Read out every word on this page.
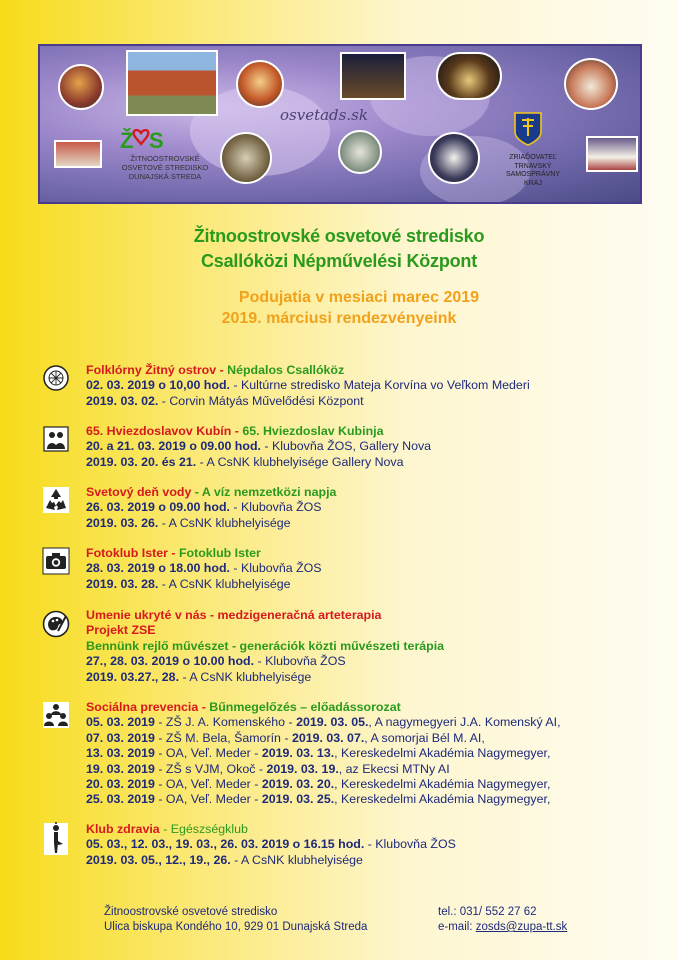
Ž S
ŽITNOOSTROVSKÉ
OSVETOVÉ STREDISKO
DUNAJSKÁ STREDA
osvetads.sk
ZRIAĎOVATEĽ
TRNAVSKÝ
SAMOSPRÁVNY
KRAJ
Žitnoostrovské osvetové stredisko
Csallóközi Népművelési Központ
Podujatia v mesiaci marec 2019
2019. márciusi rendezvényeink
Folklórny Žitný ostrov - Népdalos Csallóköz
02. 03. 2019 o 10,00 hod. - Kultúrne stredisko Mateja Korvína vo Veľkom Mederi
2019. 03. 02. - Corvin Mátyás Művelődési Központ
65. Hviezdoslavov Kubín - 65. Hviezdoslav Kubinja
20. a 21. 03. 2019 o 09.00 hod. - Klubovňa ŽOS, Gallery Nova
2019. 03. 20. és 21. - A CsNK klubhelyisége Gallery Nova
Svetový deň vody - A víz nemzetközi napja
26. 03. 2019 o 09.00 hod. - Klubovňa ŽOS
2019. 03. 26. - A CsNK klubhelyisége
Fotoklub Ister - Fotoklub Ister
28. 03. 2019 o 18.00 hod. - Klubovňa ŽOS
2019. 03. 28. - A CsNK klubhelyisége
Umenie ukryté v nás - medzigeneračná arteterapia
Projekt ZSE
Bennünk rejlő művészet - generációk közti művészeti terápia
27., 28. 03. 2019 o 10.00 hod. - Klubovňa ŽOS
2019. 03.27., 28. - A CsNK klubhelyisége
Sociálna prevencia - Bűnmegelőzés – előadássorozat
05. 03. 2019 - ZŠ J. A. Komenského - 2019. 03. 05., A nagymegyeri J.A. Komenský AI,
07. 03. 2019 - ZŠ M. Bela, Šamorín - 2019. 03. 07., A somorjai Bél M. AI,
13. 03. 2019 - OA, Veľ. Meder - 2019. 03. 13., Kereskedelmi Akadémia Nagymegyer,
19. 03. 2019 - ZŠ s VJM, Okoč - 2019. 03. 19., az Ekecsi MTNy AI
20. 03. 2019 - OA, Veľ. Meder - 2019. 03. 20., Kereskedelmi Akadémia Nagymegyer,
25. 03. 2019 - OA, Veľ. Meder - 2019. 03. 25., Kereskedelmi Akadémia Nagymegyer,
Klub zdravia - Egészségklub
05. 03., 12. 03., 19. 03., 26. 03. 2019 o 16.15 hod. - Klubovňa ŽOS
2019. 03. 05., 12., 19., 26. - A CsNK klubhelyisége
Žitnoostrovské osvetové stredisko
Ulica biskupa Kondého 10, 929 01 Dunajská Streda
tel.: 031/ 552 27 62
e-mail: zosds@zupa-tt.sk
